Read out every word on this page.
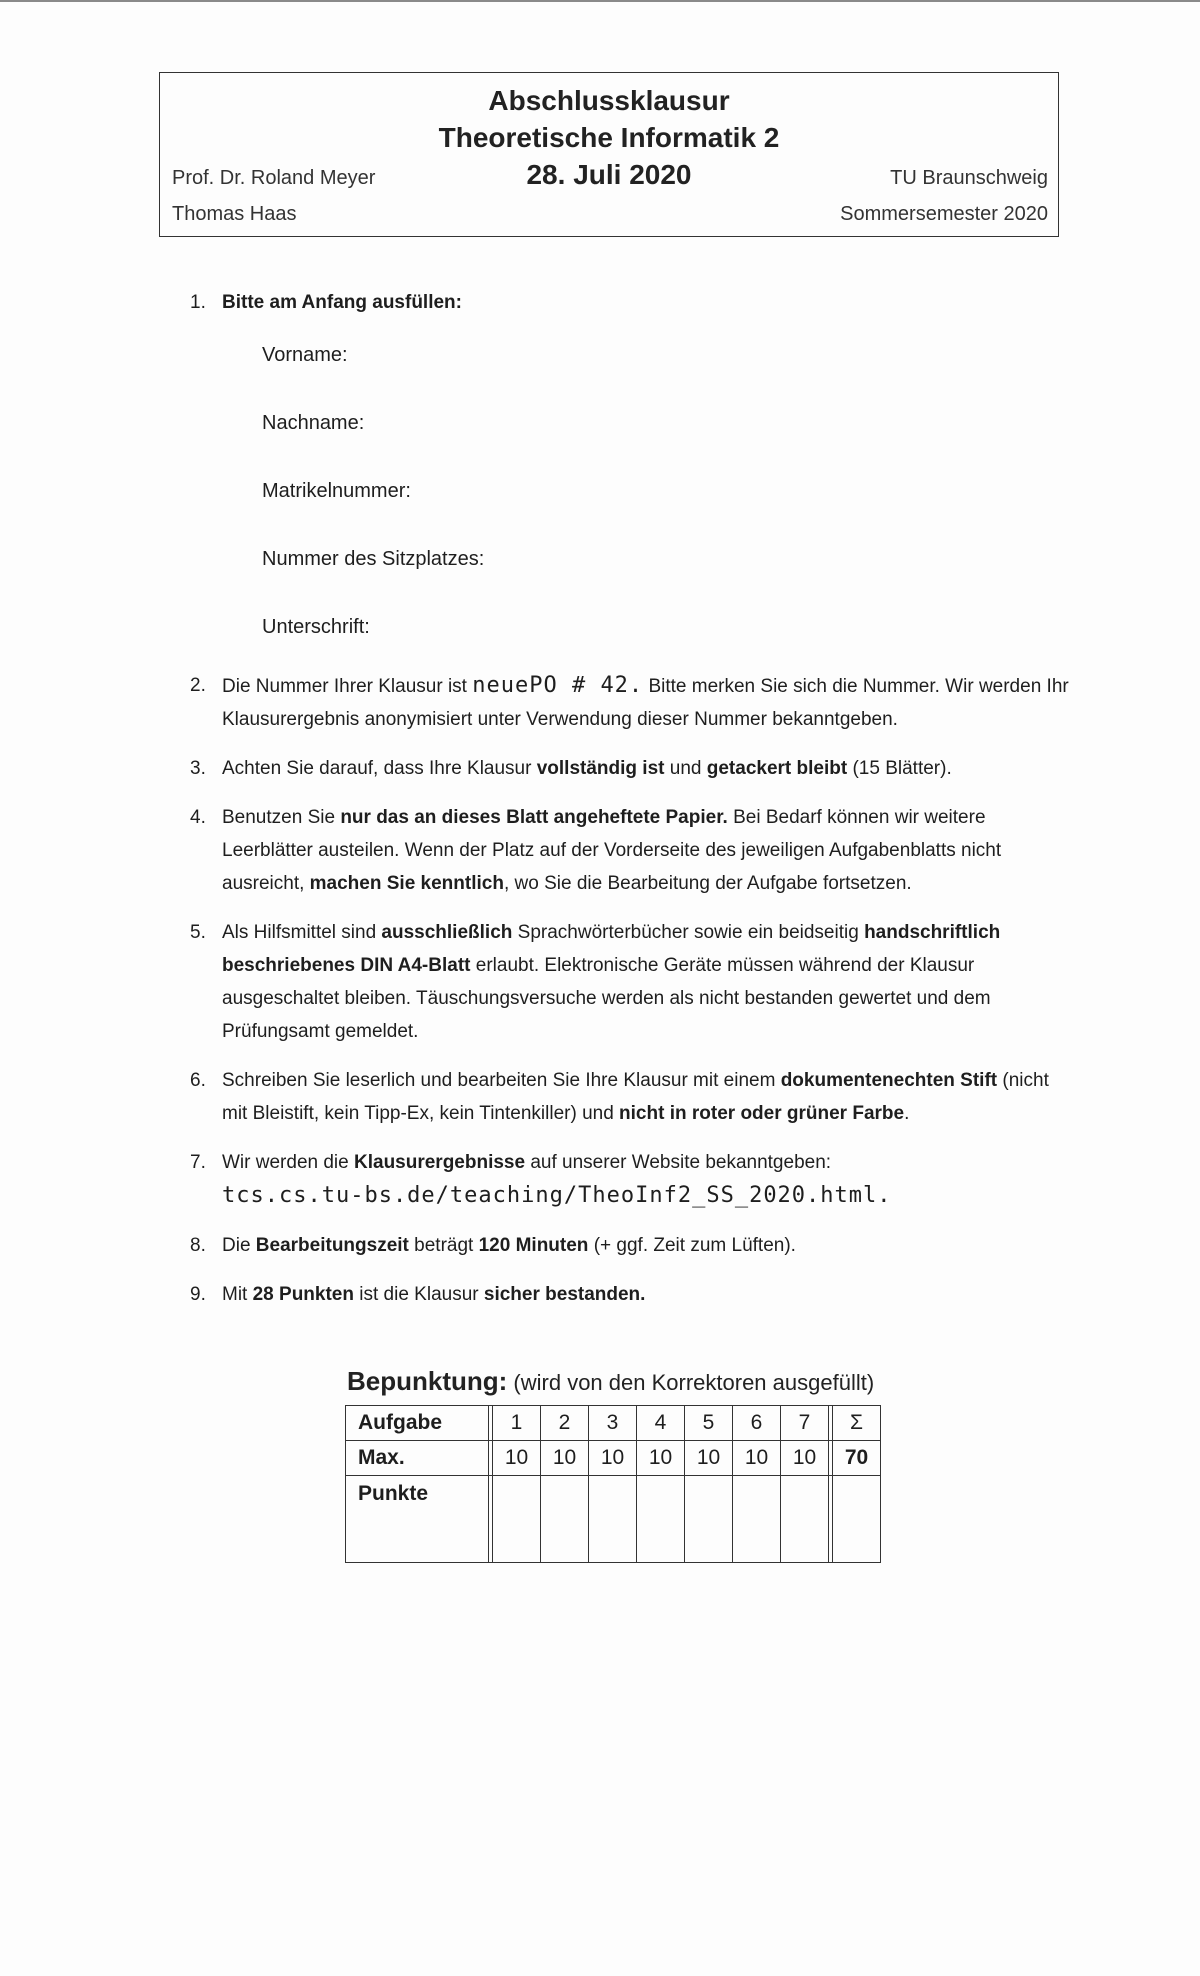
Abschlussklausur
Theoretische Informatik 2
28. Juli 2020
Prof. Dr. Roland Meyer
Thomas Haas
TU Braunschweig
Sommersemester 2020
1. Bitte am Anfang ausfüllen:
Vorname:
Nachname:
Matrikelnummer:
Nummer des Sitzplatzes:
Unterschrift:
2. Die Nummer Ihrer Klausur ist neuePO # 42. Bitte merken Sie sich die Nummer. Wir werden Ihr Klausurergebnis anonymisiert unter Verwendung dieser Nummer bekanntgeben.
3. Achten Sie darauf, dass Ihre Klausur vollständig ist und getackert bleibt (15 Blätter).
4. Benutzen Sie nur das an dieses Blatt angeheftete Papier. Bei Bedarf können wir weitere Leerblätter austeilen. Wenn der Platz auf der Vorderseite des jeweiligen Aufgabenblatts nicht ausreicht, machen Sie kenntlich, wo Sie die Bearbeitung der Aufgabe fortsetzen.
5. Als Hilfsmittel sind ausschließlich Sprachwörterbücher sowie ein beidseitig handschriftlich beschriebenes DIN A4-Blatt erlaubt. Elektronische Geräte müssen während der Klausur ausgeschaltet bleiben. Täuschungsversuche werden als nicht bestanden gewertet und dem Prüfungsamt gemeldet.
6. Schreiben Sie leserlich und bearbeiten Sie Ihre Klausur mit einem dokumentenechten Stift (nicht mit Bleistift, kein Tipp-Ex, kein Tintenkiller) und nicht in roter oder grüner Farbe.
7. Wir werden die Klausurergebnisse auf unserer Website bekanntgeben:
tcs.cs.tu-bs.de/teaching/TheoInf2_SS_2020.html.
8. Die Bearbeitungszeit beträgt 120 Minuten (+ ggf. Zeit zum Lüften).
9. Mit 28 Punkten ist die Klausur sicher bestanden.
Bepunktung: (wird von den Korrektoren ausgefüllt)
Aufgabe		1	2	3	4	5	6	7		Σ
Max.		10	10	10	10	10	10	10		70
Punkte										
